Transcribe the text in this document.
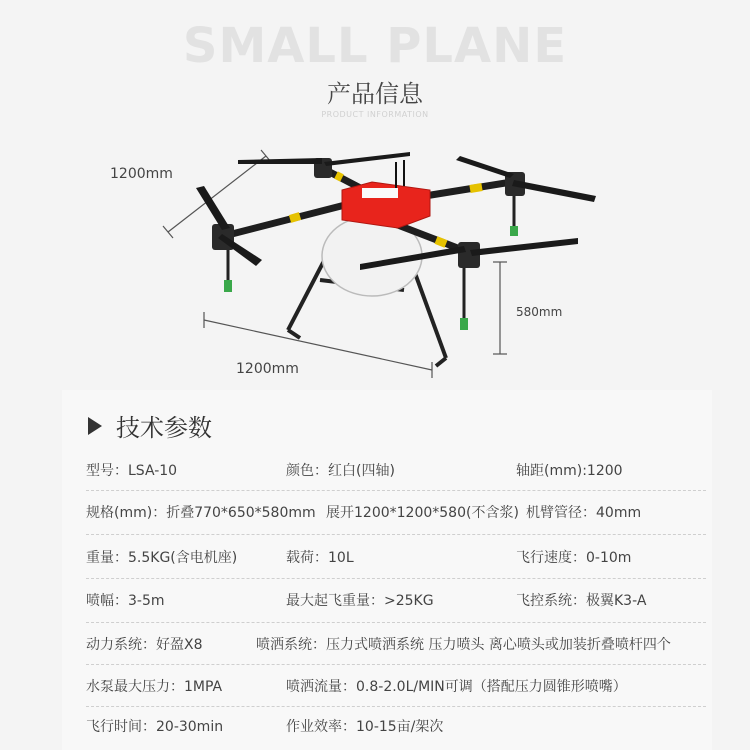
SMALL PLANE
产品信息
PRODUCT INFORMATION
1200mm
1200mm
580mm
技术参数
型号：LSA-10	颜色：红白(四轴)	轴距(mm):1200
规格(mm)：折叠770*650*580mm 展开1200*1200*580(不含浆) 机臂管径：40mm
重量：5.5KG(含电机座)	载荷：10L	飞行速度：0-10m
喷幅：3-5m	最大起飞重量：>25KG	飞控系统：极翼K3-A
动力系统：好盈X8	喷洒系统：压力式喷洒系统 压力喷头 离心喷头或加装折叠喷杆四个
水泵最大压力：1MPA	喷洒流量：0.8-2.0L/MIN可调（搭配压力圆锥形喷嘴）
飞行时间：20-30min	作业效率：10-15亩/架次
